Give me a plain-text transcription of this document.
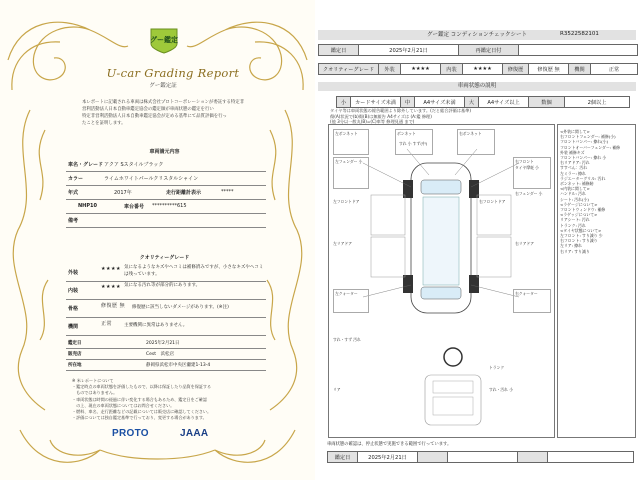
グー鑑定
U-car Grading Report
グー鑑定証
本レポートに記載される車両は株式会社プロトコーポレーションが委託する特定非
営利活動法人日本自動車鑑定協会の鑑定師が車両状態の鑑定を行い
特定非営利活動法人日本自動車鑑定協会が定める基準にて品質評価を行っ
たことを証明します。
車両請元内容
車名・グレード アクア Sスタイルブラック
カラー	ライムホワイトパールクリスタルシャイン
年式	2017年	走行距離計表示	*****
NHP10	車台番号 **********615
備考
クオリティーグレード
外装
★★★★ 気になるようなキズやヘコミは補修済みですが、小さなキズやヘコミは残っています。
内装
★★★★ 気になる汚れ等が部分的にあります。
骨格	修復歴 無 修復歴に該当しないダメージがあります。(※注)
機関	正常	主要機関に異常はありません。
鑑定日	2025年2月21日
※ 米レポートについて
・鑑定時点の車両状態を評価したもので、以降は保証したり品質を保証する
　ものではありません。
・車両状態は時間の経過に伴い変化する場合もあるため、鑑定日をご確認
　の上、現在の車両状態についてはお問合せください。
・燃料、車名、走行距離などの記載については販売店に確認してください。
・評価については独自鑑定基準で行っており、変更する場合があります。
販売店	Cest　浜松店
所在地	静岡県浜松市中央区瀬建1-13-4
PROTO	JAAA
グー鑑定 コンディションチェックシート	R3522582101
鑑定日	2025年2月21日	再鑑定日付
クオリティーグレード	外装	★★★★	内装	★★★★	修復歴	修復歴 無	機関	正常
車両状態の説明
小	カードサイズ未満	中	A4サイズ未満	大	A4サイズ以上	数個	2個以上
タイヤ等は車両状態の報告範囲より除外しています。(だと総合評価は基準)
傷(A)状況で(b)傷(B)は無報告 A4サイズは (A:鑑 修理)
(他 3分以一般丸(B)=(C)車等 修理見通 まで)
左ボンネット	ボンネット	右ボンネット
左フェンダー 小
すれ 小 すず(中)
右フロント
タイヤ摩耗 小
右フェンダー 小
右フロントドア
左フロントドア
左リアドア	右リアドア
左クォーター	右クォーター
すれ・すず 汚れ
リア
トランク
すれ・汚れ 小
<外装に関して>
右フロントフェンダー: 補修(小)
フロントバンパー: 擦れ(小)
フロントオーバーフェンダー: 補修
外装 補修キズ
フロントバンパー: 擦れ 小
右リアドア: 汚れ
すすべん：汚れ
左ミラー: 擦れ
ラジエーターグリル: 汚れ
ボンネット: 補修跡
<内装に関して>
ハンドル: 汚れ
シート: 汚れ(小)
<ラゲージについて>
フロントウィンドウ: 補修
<ラゲッジについて>
リアシート: 汚れ
トランク: 汚れ
<タイヤ状態について>
左フロント: すり減り 少
右フロント: すり減り
左リア: 擦れ
右リア: すり減り
車両状態の確認は、停止状態で実施できる範囲で行っています。
鑑定日	2025年2月21日
